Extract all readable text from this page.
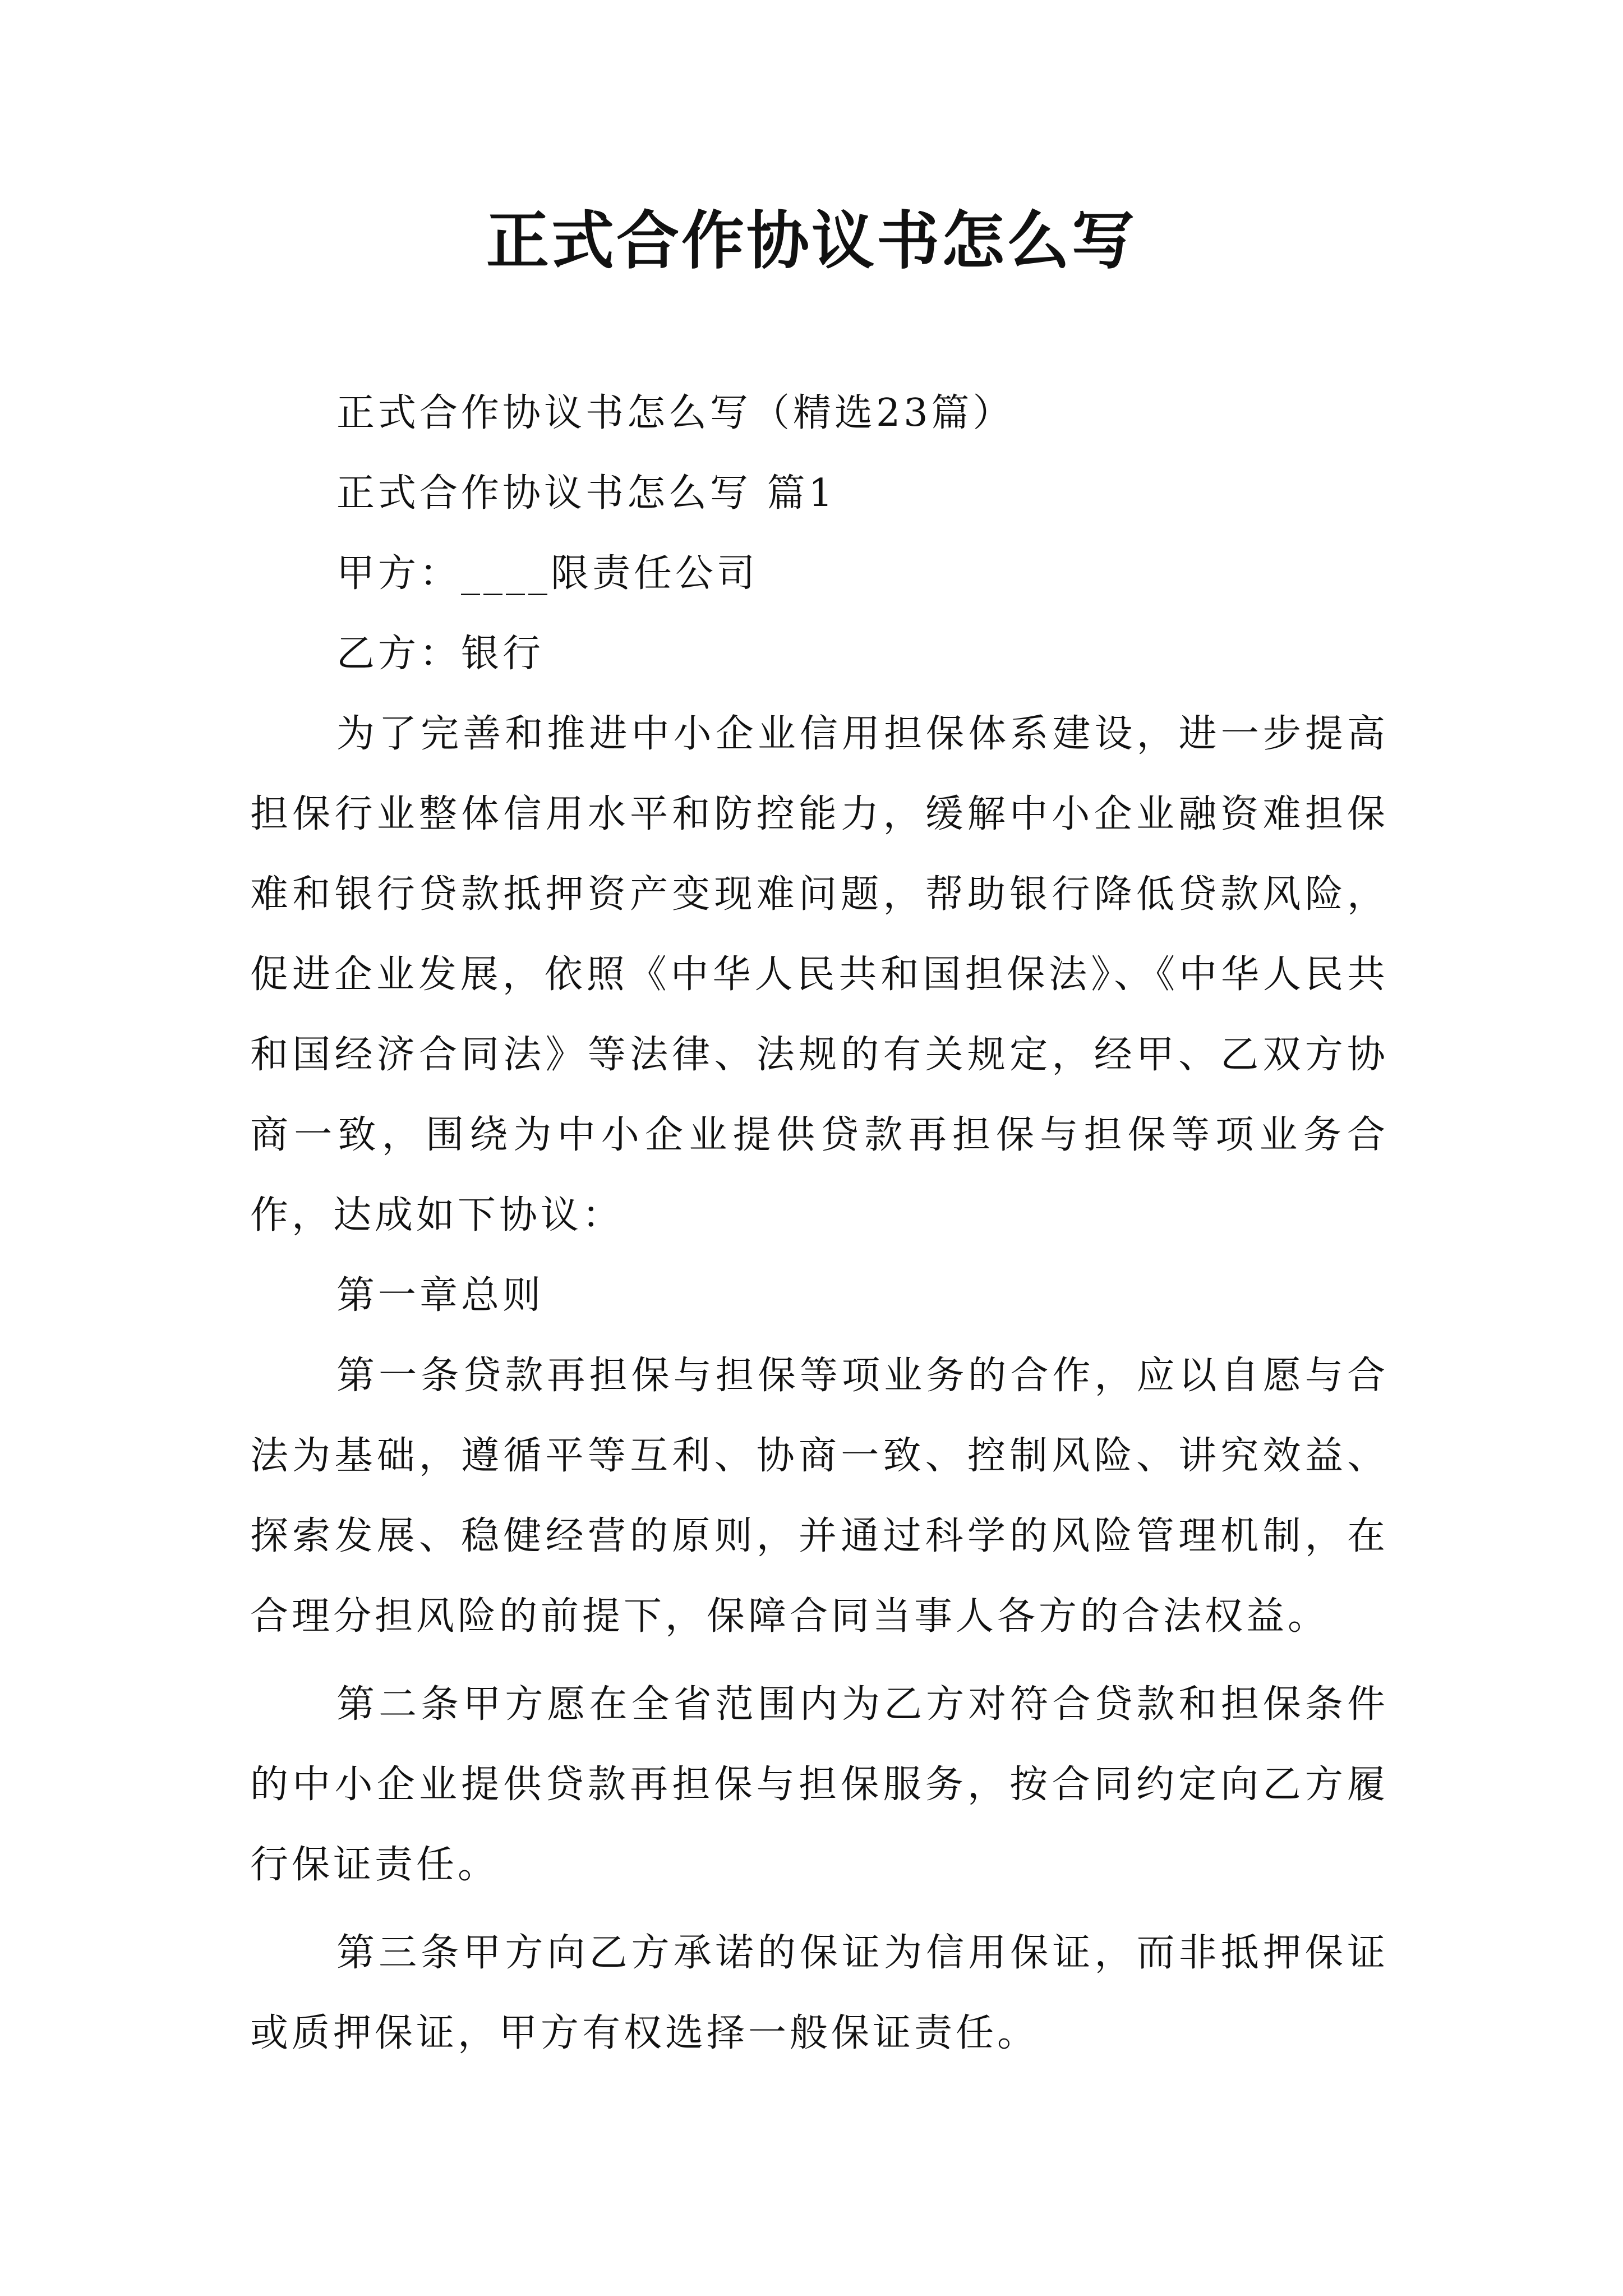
正式合作协议书怎么写

正式合作协议书怎么写（精选23篇）

正式合作协议书怎么写 篇1

甲方：____限责任公司

乙方：银行

为了完善和推进中小企业信用担保体系建设，进一步提高担保行业整体信用水平和防控能力，缓解中小企业融资难担保难和银行贷款抵押资产变现难问题，帮助银行降低贷款风险，促进企业发展，依照《中华人民共和国担保法》、《中华人民共和国经济合同法》等法律、法规的有关规定，经甲、乙双方协商一致，围绕为中小企业提供贷款再担保与担保等项业务合作，达成如下协议：

第一章总则

第一条贷款再担保与担保等项业务的合作，应以自愿与合法为基础，遵循平等互利、协商一致、控制风险、讲究效益、探索发展、稳健经营的原则，并通过科学的风险管理机制，在合理分担风险的前提下，保障合同当事人各方的合法权益。

第二条甲方愿在全省范围内为乙方对符合贷款和担保条件的中小企业提供贷款再担保与担保服务，按合同约定向乙方履行保证责任。

第三条甲方向乙方承诺的保证为信用保证，而非抵押保证或质押保证，甲方有权选择一般保证责任。
